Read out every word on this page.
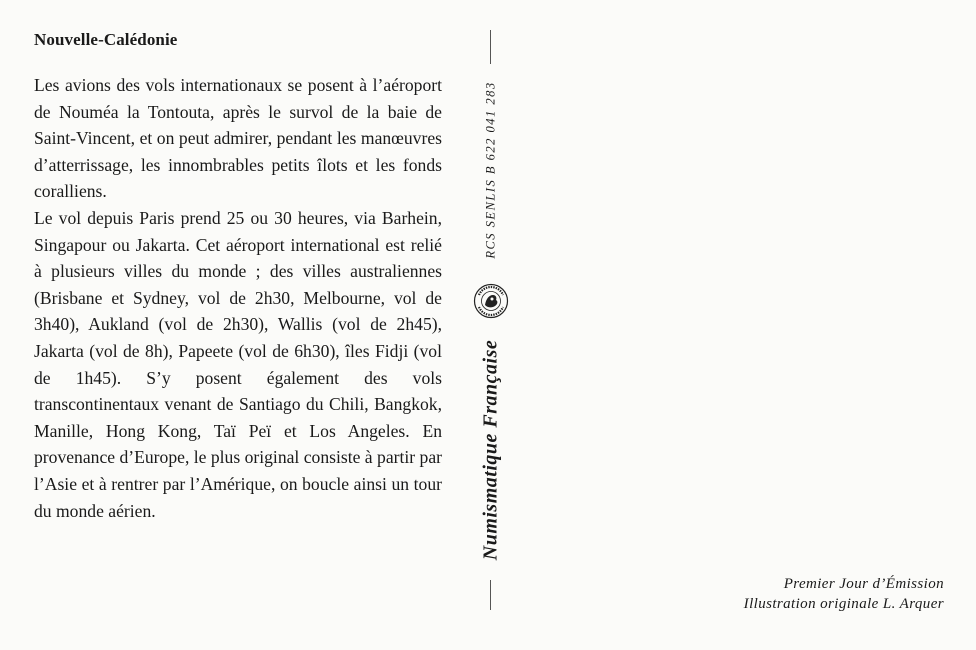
Nouvelle-Calédonie

Les avions des vols internationaux se posent à l’aéroport de Nouméa la Tontouta, après le survol de la baie de Saint-Vincent, et on peut admirer, pendant les manœuvres d’atterrissage, les innombrables petits îlots et les fonds coralliens.

Le vol depuis Paris prend 25 ou 30 heures, via Barhein, Singapour ou Jakarta. Cet aéroport international est relié à plusieurs villes du monde ; des villes australiennes (Brisbane et Sydney, vol de 2h30, Melbourne, vol de 3h40), Aukland (vol de 2h30), Wallis (vol de 2h45), Jakarta (vol de 8h), Papeete (vol de 6h30), îles Fidji (vol de 1h45). S’y posent également des vols transcontinentaux venant de Santiago du Chili, Bangkok, Manille, Hong Kong, Taï Peï et Los Angeles. En provenance d’Europe, le plus original consiste à partir par l’Asie et à rentrer par l’Amérique, on boucle ainsi un tour du monde aérien.

RCS SENLIS B 622 041 283
Numismatique Française
Premier Jour d’Émission
Illustration originale L. Arquer
